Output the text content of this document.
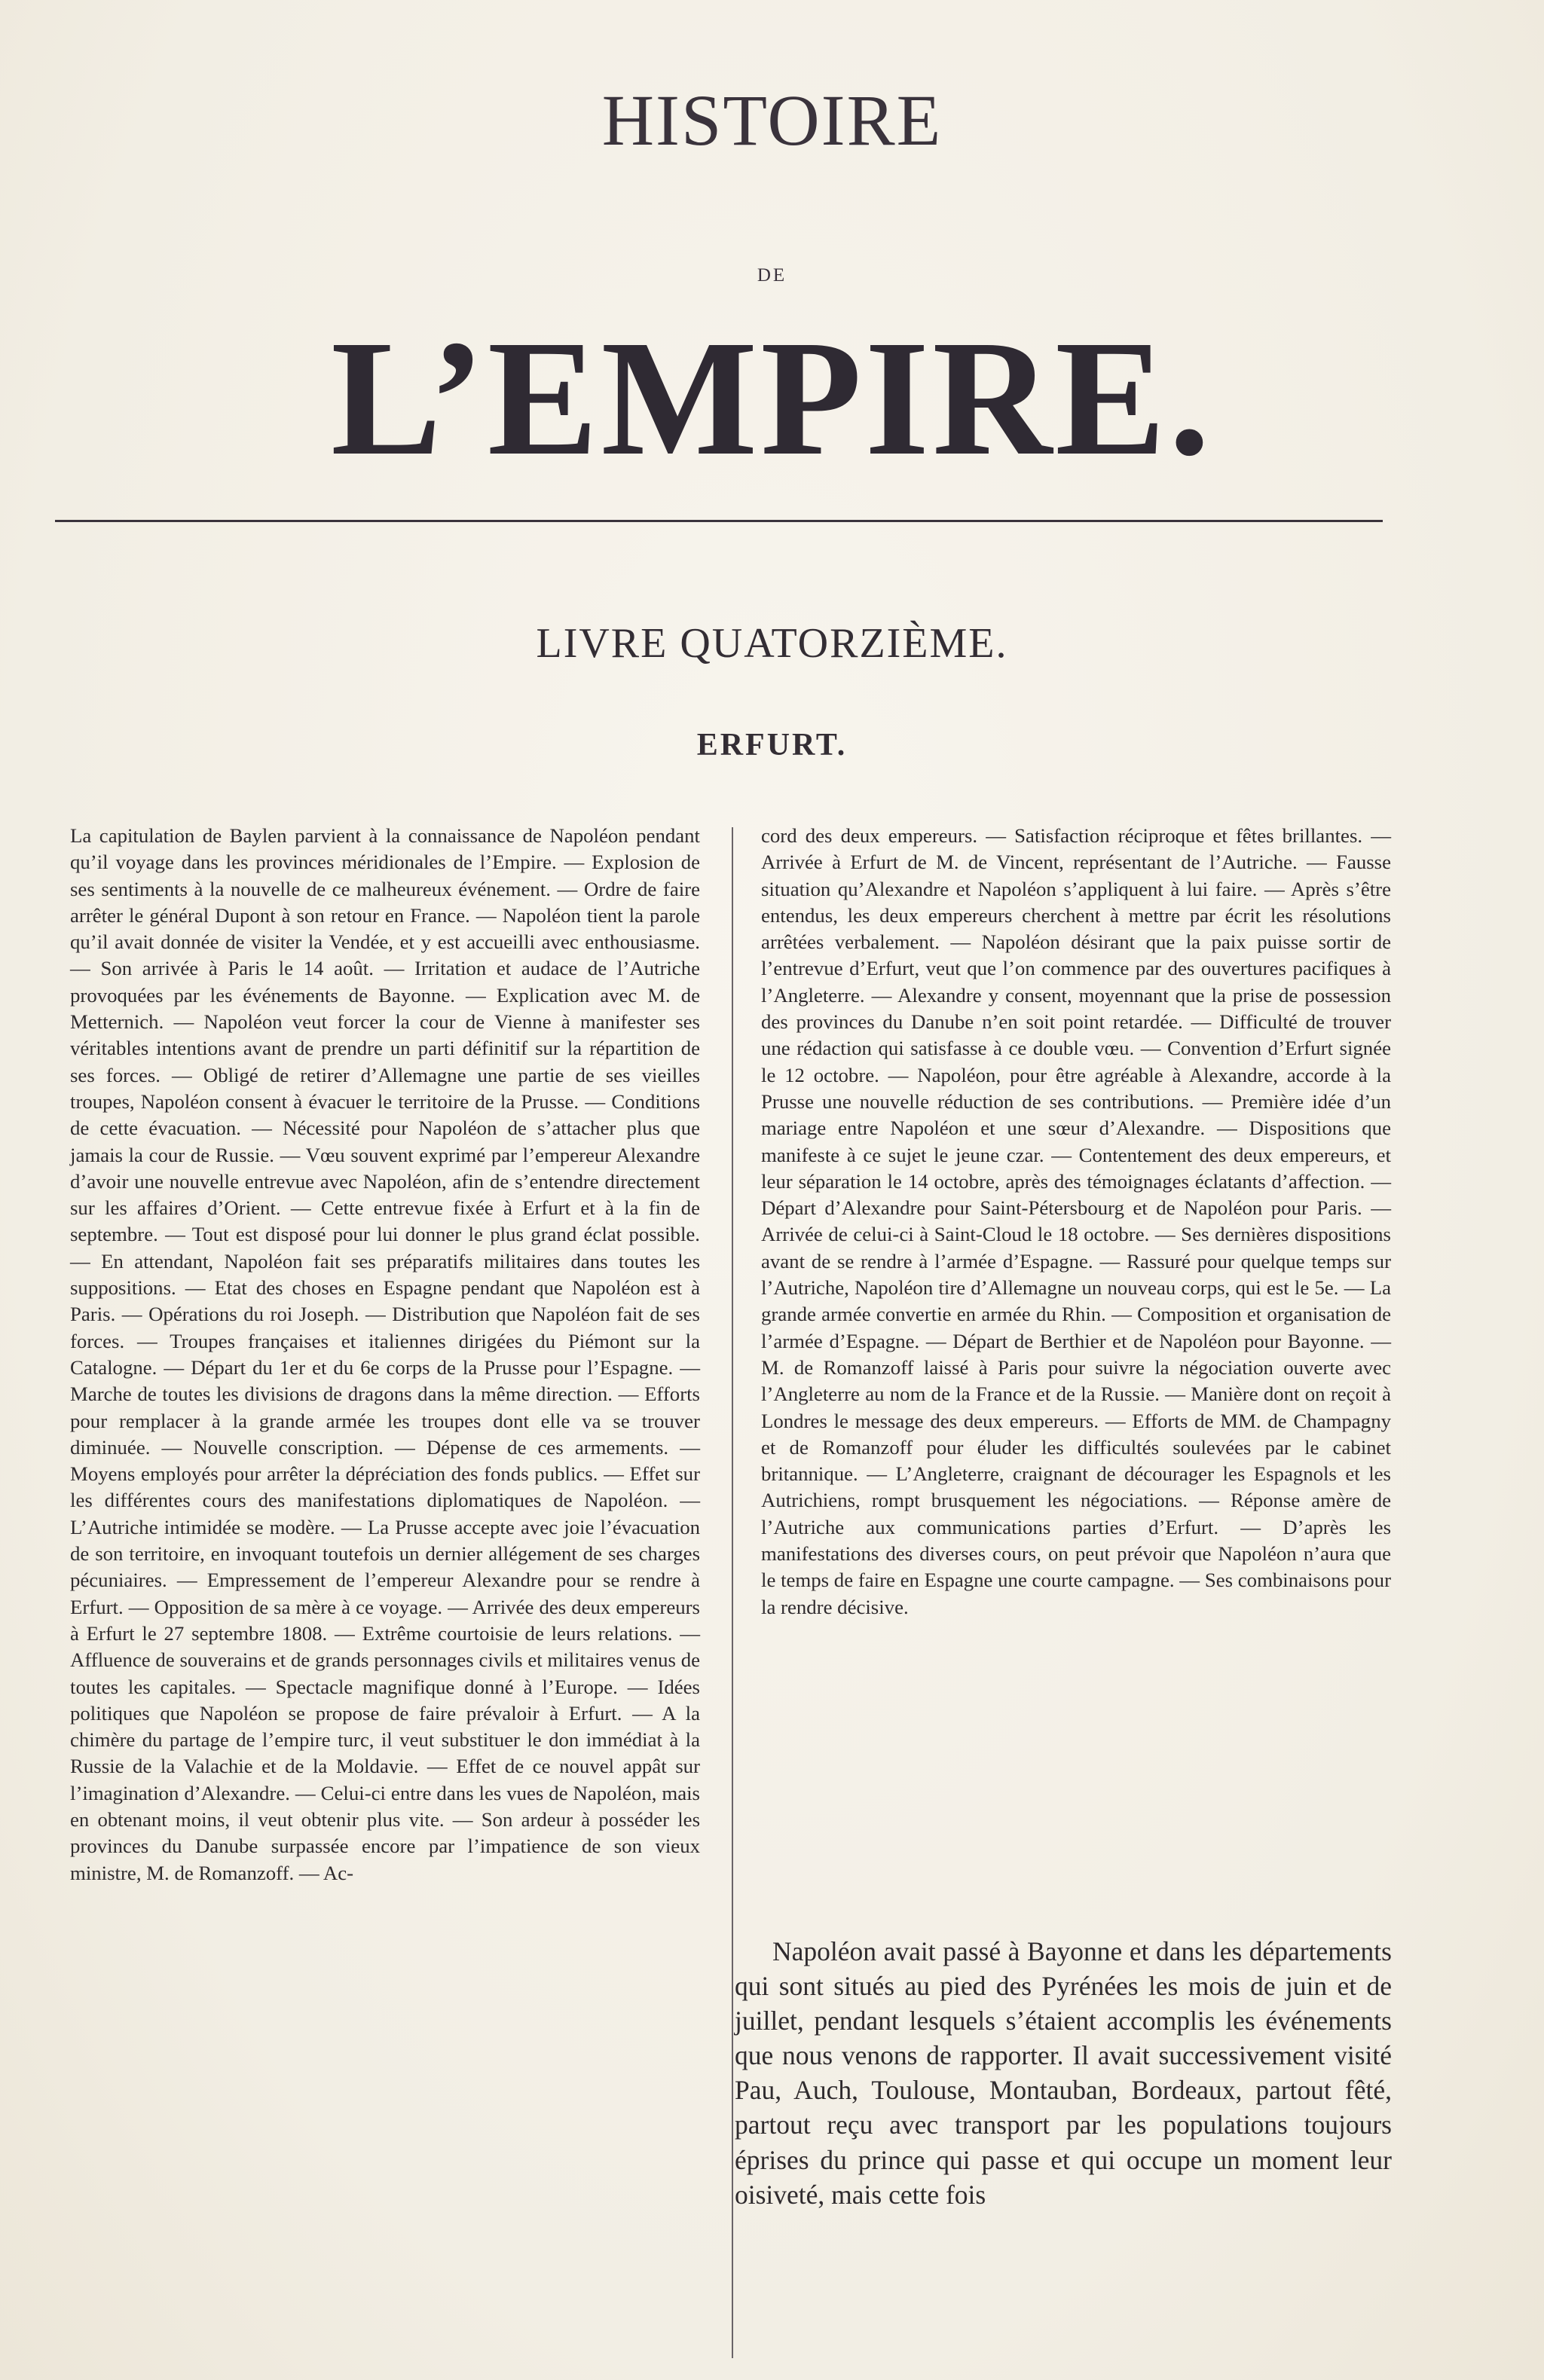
HISTOIRE
DE
L’EMPIRE.
LIVRE QUATORZIÈME.
ERFURT.
La capitulation de Baylen parvient à la connaissance de Napoléon pendant qu’il voyage dans les provinces méridionales de l’Empire. — Explosion de ses sentiments à la nouvelle de ce malheureux événement. — Ordre de faire arrêter le général Dupont à son retour en France. — Napoléon tient la parole qu’il avait donnée de visiter la Vendée, et y est accueilli avec enthousiasme. — Son arrivée à Paris le 14 août. — Irritation et audace de l’Autriche provoquées par les événements de Bayonne. — Explication avec M. de Metternich. — Napoléon veut forcer la cour de Vienne à manifester ses véritables intentions avant de prendre un parti définitif sur la répartition de ses forces. — Obligé de retirer d’Allemagne une partie de ses vieilles troupes, Napoléon consent à évacuer le territoire de la Prusse. — Conditions de cette évacuation. — Nécessité pour Napoléon de s’attacher plus que jamais la cour de Russie. — Vœu souvent exprimé par l’empereur Alexandre d’avoir une nouvelle entrevue avec Napoléon, afin de s’entendre directement sur les affaires d’Orient. — Cette entrevue fixée à Erfurt et à la fin de septembre. — Tout est disposé pour lui donner le plus grand éclat possible. — En attendant, Napoléon fait ses préparatifs militaires dans toutes les suppositions. — Etat des choses en Espagne pendant que Napoléon est à Paris. — Opérations du roi Joseph. — Distribution que Napoléon fait de ses forces. — Troupes françaises et italiennes dirigées du Piémont sur la Catalogne. — Départ du 1er et du 6e corps de la Prusse pour l’Espagne. — Marche de toutes les divisions de dragons dans la même direction. — Efforts pour remplacer à la grande armée les troupes dont elle va se trouver diminuée. — Nouvelle conscription. — Dépense de ces armements. — Moyens employés pour arrêter la dépréciation des fonds publics. — Effet sur les différentes cours des manifestations diplomatiques de Napoléon. — L’Autriche intimidée se modère. — La Prusse accepte avec joie l’évacuation de son territoire, en invoquant toutefois un dernier allégement de ses charges pécuniaires. — Empressement de l’empereur Alexandre pour se rendre à Erfurt. — Opposition de sa mère à ce voyage. — Arrivée des deux empereurs à Erfurt le 27 septembre 1808. — Extrême courtoisie de leurs relations. — Affluence de souverains et de grands personnages civils et militaires venus de toutes les capitales. — Spectacle magnifique donné à l’Europe. — Idées politiques que Napoléon se propose de faire prévaloir à Erfurt. — A la chimère du partage de l’empire turc, il veut substituer le don immédiat à la Russie de la Valachie et de la Moldavie. — Effet de ce nouvel appât sur l’imagination d’Alexandre. — Celui-ci entre dans les vues de Napoléon, mais en obtenant moins, il veut obtenir plus vite. — Son ardeur à posséder les provinces du Danube surpassée encore par l’impatience de son vieux ministre, M. de Romanzoff. — Ac-
cord des deux empereurs. — Satisfaction réciproque et fêtes brillantes. — Arrivée à Erfurt de M. de Vincent, représentant de l’Autriche. — Fausse situation qu’Alexandre et Napoléon s’appliquent à lui faire. — Après s’être entendus, les deux empereurs cherchent à mettre par écrit les résolutions arrêtées verbalement. — Napoléon désirant que la paix puisse sortir de l’entrevue d’Erfurt, veut que l’on commence par des ouvertures pacifiques à l’Angleterre. — Alexandre y consent, moyennant que la prise de possession des provinces du Danube n’en soit point retardée. — Difficulté de trouver une rédaction qui satisfasse à ce double vœu. — Convention d’Erfurt signée le 12 octobre. — Napoléon, pour être agréable à Alexandre, accorde à la Prusse une nouvelle réduction de ses contributions. — Première idée d’un mariage entre Napoléon et une sœur d’Alexandre. — Dispositions que manifeste à ce sujet le jeune czar. — Contentement des deux empereurs, et leur séparation le 14 octobre, après des témoignages éclatants d’affection. — Départ d’Alexandre pour Saint-Pétersbourg et de Napoléon pour Paris. — Arrivée de celui-ci à Saint-Cloud le 18 octobre. — Ses dernières dispositions avant de se rendre à l’armée d’Espagne. — Rassuré pour quelque temps sur l’Autriche, Napoléon tire d’Allemagne un nouveau corps, qui est le 5e. — La grande armée convertie en armée du Rhin. — Composition et organisation de l’armée d’Espagne. — Départ de Berthier et de Napoléon pour Bayonne. — M. de Romanzoff laissé à Paris pour suivre la négociation ouverte avec l’Angleterre au nom de la France et de la Russie. — Manière dont on reçoit à Londres le message des deux empereurs. — Efforts de MM. de Champagny et de Romanzoff pour éluder les difficultés soulevées par le cabinet britannique. — L’Angleterre, craignant de décourager les Espagnols et les Autrichiens, rompt brusquement les négociations. — Réponse amère de l’Autriche aux communications parties d’Erfurt. — D’après les manifestations des diverses cours, on peut prévoir que Napoléon n’aura que le temps de faire en Espagne une courte campagne. — Ses combinaisons pour la rendre décisive.
Napoléon avait passé à Bayonne et dans les départements qui sont situés au pied des Pyrénées les mois de juin et de juillet, pendant lesquels s’étaient accomplis les événements que nous venons de rapporter. Il avait successivement visité Pau, Auch, Toulouse, Montauban, Bordeaux, partout fêté, partout reçu avec transport par les populations toujours éprises du prince qui passe et qui occupe un moment leur oisiveté, mais cette fois
